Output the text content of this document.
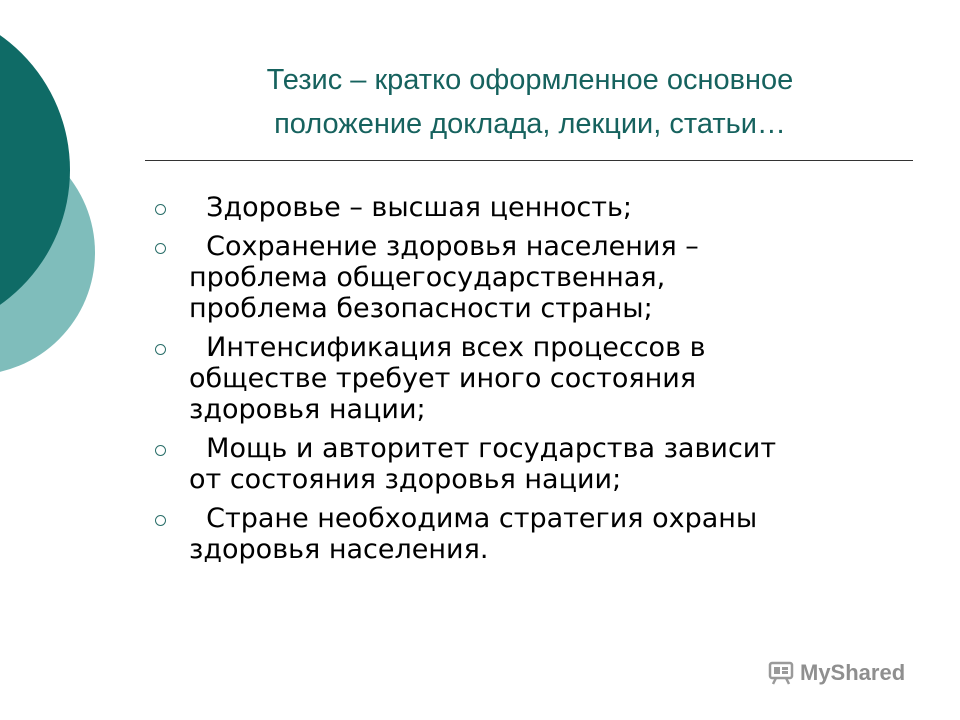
Тезис – кратко оформленное основное
положение доклада, лекции, статьи…
Здоровье – высшая ценность;
Сохранение здоровья населения –
проблема общегосударственная,
проблема безопасности страны;
Интенсификация всех процессов в
обществе требует иного состояния
здоровья нации;
Мощь и авторитет государства зависит
от состояния здоровья нации;
Стране необходима стратегия охраны
здоровья населения.
MyShared
